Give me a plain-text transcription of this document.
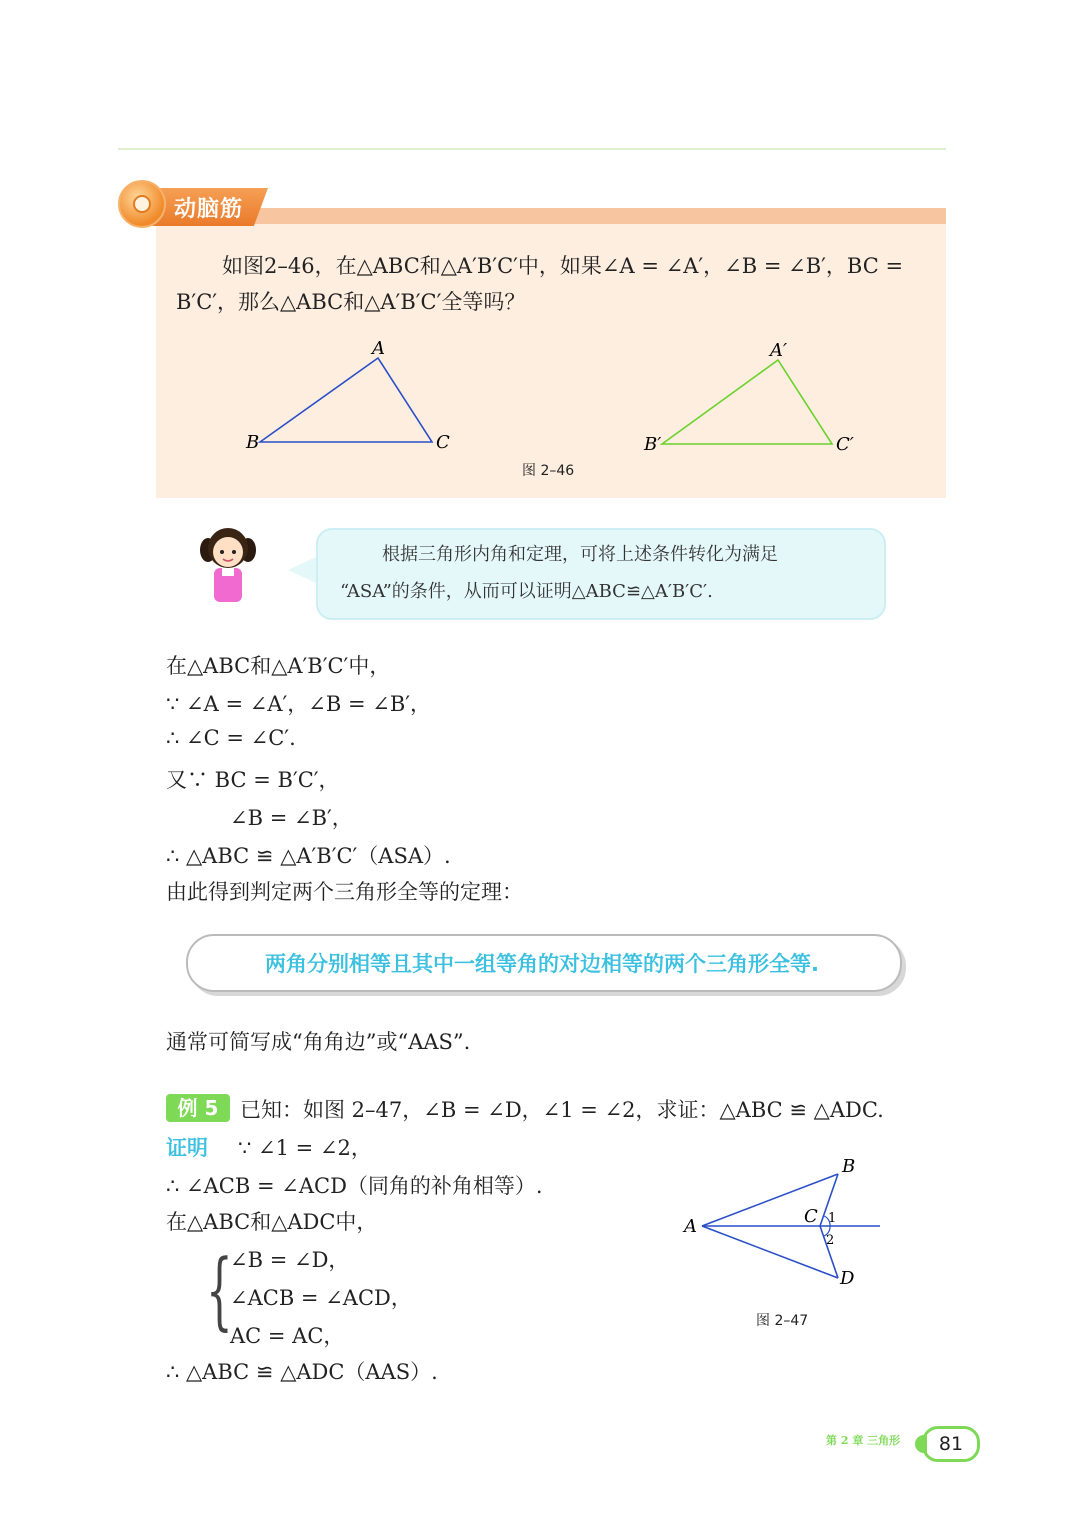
动脑筋
如图2–46，在△ABC和△A′B′C′中，如果∠A = ∠A′，∠B = ∠B′，BC =
B′C′，那么△ABC和△A′B′C′全等吗？
A
B	C
A′
B′	C′
图 2–46
根据三角形内角和定理，可将上述条件转化为满足
“ASA”的条件，从而可以证明△ABC≌△A′B′C′.
在△ABC和△A′B′C′中，
∵ ∠A = ∠A′，∠B = ∠B′，
∴ ∠C = ∠C′.
又∵ BC = B′C′，
∠B = ∠B′，
∴ △ABC ≌ △A′B′C′（ASA）.
由此得到判定两个三角形全等的定理：
两角分别相等且其中一组等角的对边相等的两个三角形全等.
通常可简写成“角角边”或“AAS”.
例 5	已知：如图 2–47，∠B = ∠D，∠1 = ∠2，求证：△ABC ≌ △ADC.
证明 ∵ ∠1 = ∠2，
∴ ∠ACB = ∠ACD（同角的补角相等）.
在△ABC和△ADC中，
{
∠B = ∠D，
∠ACB = ∠ACD，
AC = AC，
∴ △ABC ≌ △ADC（AAS）.
A
B
C
D
1
2
图 2–47
第 2 章 三角形	81
